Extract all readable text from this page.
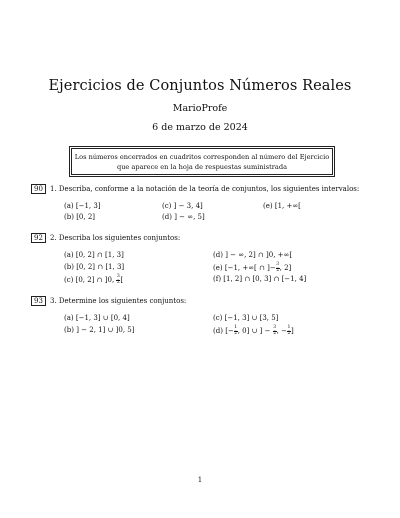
Ejercicios de Conjuntos Números Reales
MarioProfe
6 de marzo de 2024
Los números encerrados en cuadritos corresponden al número del Ejercicio
que aparece en la hoja de respuestas suministrada
90	1. Describa, conforme a la notación de la teoría de conjuntos, los siguientes intervalos:
(a) [−1, 3]
(b) [0, 2]
(c) ] − 3, 4]
(d) ] − ∞, 5]
(e) [1, +∞[
92	2. Describa los siguientes conjuntos:
(a) [0, 2] ∩ [1, 3]
(b) [0, 2] ∩ [1, 3]
(c) [0, 2] ∩ ]0, $\frac{3}{2}$ [
(d) ] − ∞, 2] ∩ ]0, +∞[
(e) [−1, +∞[ ∩ ]− $\frac{3}{2}$ , 2]
(f) [1, 2] ∩ [0, 3] ∩ [−1, 4]
93	3. Determine los siguientes conjuntos:
(a) [−1, 3] ∪ [0, 4]
(b) ] − 2, 1] ∪ ]0, 5]
(c) [−1, 3] ∪ [3, 5]
(d) [− $\frac{1}{2}$ , 0] ∪ ] − $\frac{3}{2}$ , − $\frac{1}{2}$ ]
1
